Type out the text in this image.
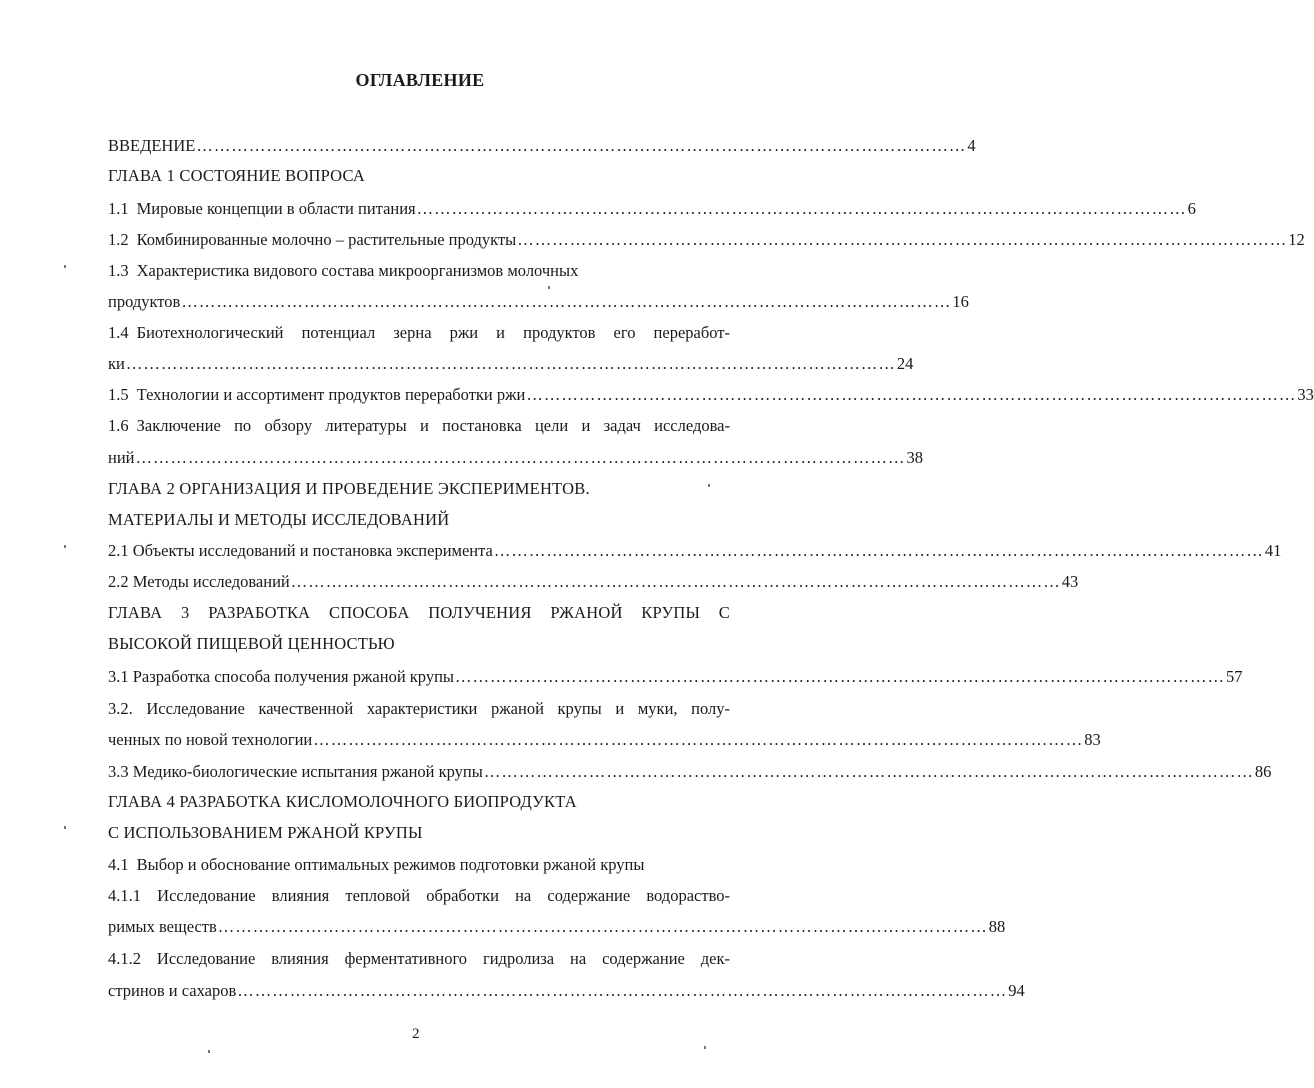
ОГЛАВЛЕНИЕ
ВВЕДЕНИЕ …………………………………………………………………………………………………………………… 4
ГЛАВА 1 СОСТОЯНИЕ ВОПРОСА
1.1 Мировые концепции в области питания …………………………………………………………………………………………………………………… 6
1.2 Комбинированные молочно – растительные продукты …………………………………………………………………………………………………………………… 12
1.3 Характеристика видового состава микроорганизмов молочных
продуктов …………………………………………………………………………………………………………………… 16
1.4 Биотехнологический потенциал зерна ржи и продуктов его переработ-
ки …………………………………………………………………………………………………………………… 24
1.5 Технологии и ассортимент продуктов переработки ржи …………………………………………………………………………………………………………………… 33
1.6 Заключение по обзору литературы и постановка цели и задач исследова-
ний …………………………………………………………………………………………………………………… 38
ГЛАВА 2 ОРГАНИЗАЦИЯ И ПРОВЕДЕНИЕ ЭКСПЕРИМЕНТОВ.
МАТЕРИАЛЫ И МЕТОДЫ ИССЛЕДОВАНИЙ
2.1 Объекты исследований и постановка эксперимента …………………………………………………………………………………………………………………… 41
2.2 Методы исследований …………………………………………………………………………………………………………………… 43
ГЛАВА 3 РАЗРАБОТКА СПОСОБА ПОЛУЧЕНИЯ РЖАНОЙ КРУПЫ С
ВЫСОКОЙ ПИЩЕВОЙ ЦЕННОСТЬЮ
3.1 Разработка способа получения ржаной крупы …………………………………………………………………………………………………………………… 57
3.2. Исследование качественной характеристики ржаной крупы и муки, полу-
ченных по новой технологии …………………………………………………………………………………………………………………… 83
3.3 Медико-биологические испытания ржаной крупы …………………………………………………………………………………………………………………… 86
ГЛАВА 4 РАЗРАБОТКА КИСЛОМОЛОЧНОГО БИОПРОДУКТА
С ИСПОЛЬЗОВАНИЕМ РЖАНОЙ КРУПЫ
4.1 Выбор и обоснование оптимальных режимов подготовки ржаной крупы
4.1.1 Исследование влияния тепловой обработки на содержание водораство-
римых веществ …………………………………………………………………………………………………………………… 88
4.1.2 Исследование влияния ферментативного гидролиза на содержание дек-
стринов и сахаров …………………………………………………………………………………………………………………… 94
2
